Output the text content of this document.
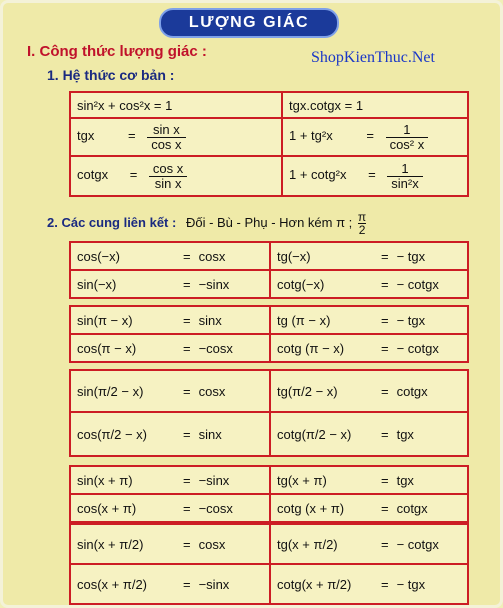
LƯỢNG GIÁC
I. Công thức lượng giác :	ShopKienThuc.Net
1. Hệ thức cơ bản :
sin²x + cos²x = 1	tgx.cotgx = 1
tgx = $\frac{\text{sin x}}{\text{cos x}}$	$1 + tg^2x = \frac{1}{\text{cos² x}}$

cotgx = $\frac{\text{cos x}}{\text{sin x}}$	$1 + \cot g^2x = \frac{1}{\text{sin²x}}$
2. Các cung liên kết : Đối - Bù - Phụ - Hơn kém π ; $\frac{\pi}{2}$
cos(−x) = cosx	tg(−x) = − tgx
sin(−x) = −sinx	cotg(−x) = − cotgx
sin(π − x) = sinx	tg (π − x) = − tgx
cos(π − x) = −cosx	cotg (π − x) = − cotgx
sin(π/2 − x) = cosx	tg(π/2 − x) = cotgx
cos(π/2 − x) = sinx	cotg(π/2 − x) = tgx
sin(x + π) = −sinx	tg(x + π) = tgx
cos(x + π) = −cosx	cotg (x + π) = cotgx
sin(x + π/2) = cosx	tg(x + π/2) = − cotgx
cos(x + π/2) = −sinx	cotg(x + π/2) = − tgx
